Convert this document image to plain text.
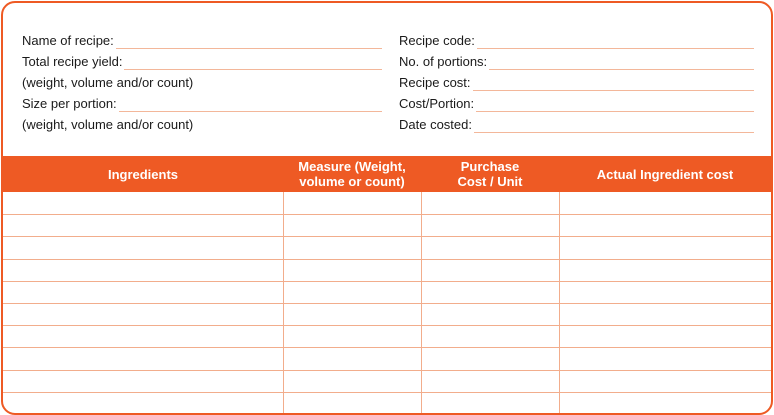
Name of recipe:
Total recipe yield:
(weight, volume and/or count)
Size per portion:
(weight, volume and/or count)
Recipe code:
No. of portions:
Recipe cost:
Cost/Portion:
Date costed:
Ingredients	Measure (Weight,
volume or count)
Purchase
Cost / Unit	Actual Ingredient cost
